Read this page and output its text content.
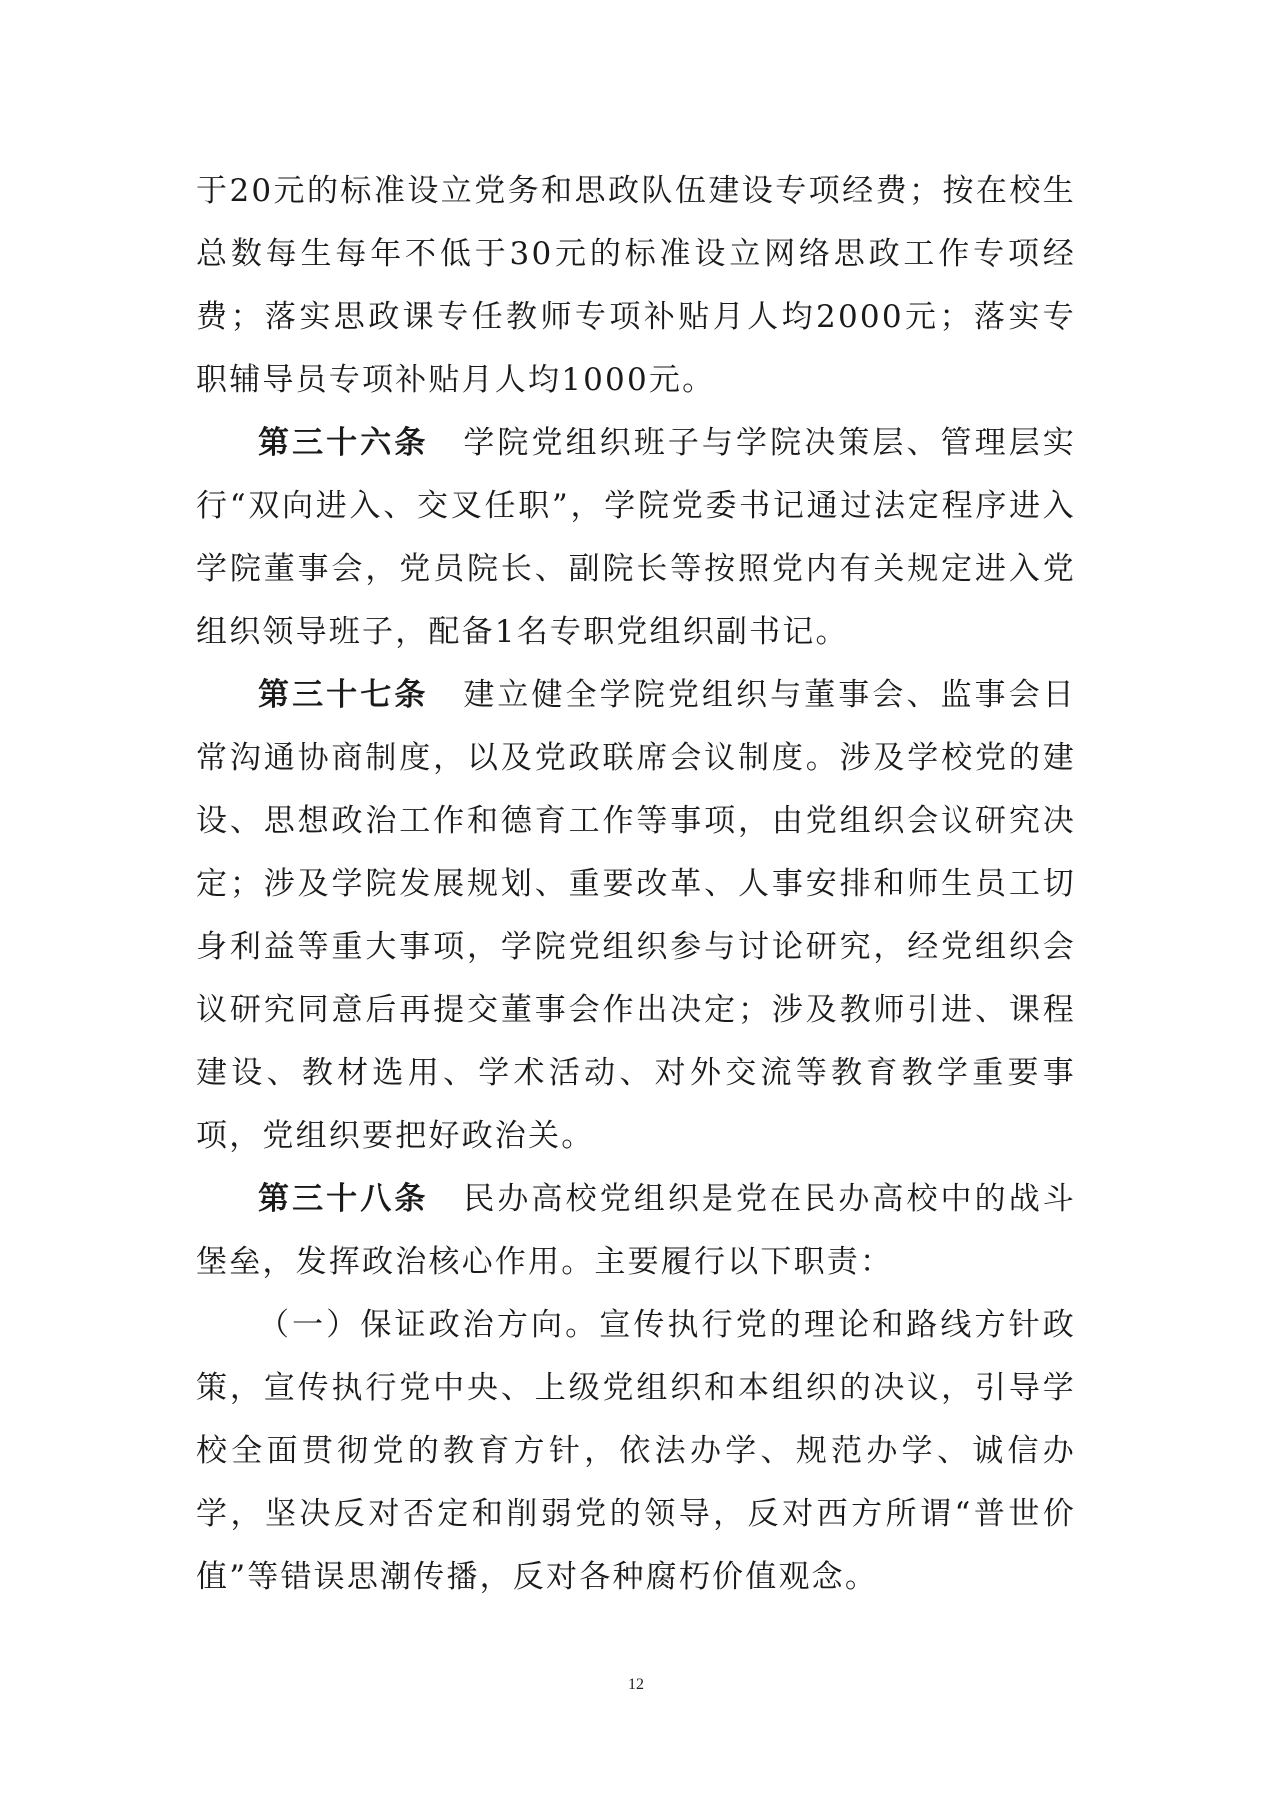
于20元的标准设立党务和思政队伍建设专项经费；按在校生总数每生每年不低于30元的标准设立网络思政工作专项经费；落实思政课专任教师专项补贴月人均2000元；落实专职辅导员专项补贴月人均1000元。

第三十六条 学院党组织班子与学院决策层、管理层实行“双向进入、交叉任职”，学院党委书记通过法定程序进入学院董事会，党员院长、副院长等按照党内有关规定进入党组织领导班子，配备1名专职党组织副书记。

第三十七条 建立健全学院党组织与董事会、监事会日常沟通协商制度，以及党政联席会议制度。涉及学校党的建设、思想政治工作和德育工作等事项，由党组织会议研究决定；涉及学院发展规划、重要改革、人事安排和师生员工切身利益等重大事项，学院党组织参与讨论研究，经党组织会议研究同意后再提交董事会作出决定；涉及教师引进、课程建设、教材选用、学术活动、对外交流等教育教学重要事项，党组织要把好政治关。

第三十八条 民办高校党组织是党在民办高校中的战斗堡垒，发挥政治核心作用。主要履行以下职责：

（一）保证政治方向。宣传执行党的理论和路线方针政策，宣传执行党中央、上级党组织和本组织的决议，引导学校全面贯彻党的教育方针，依法办学、规范办学、诚信办学，坚决反对否定和削弱党的领导，反对西方所谓“普世价值”等错误思潮传播，反对各种腐朽价值观念。

12
